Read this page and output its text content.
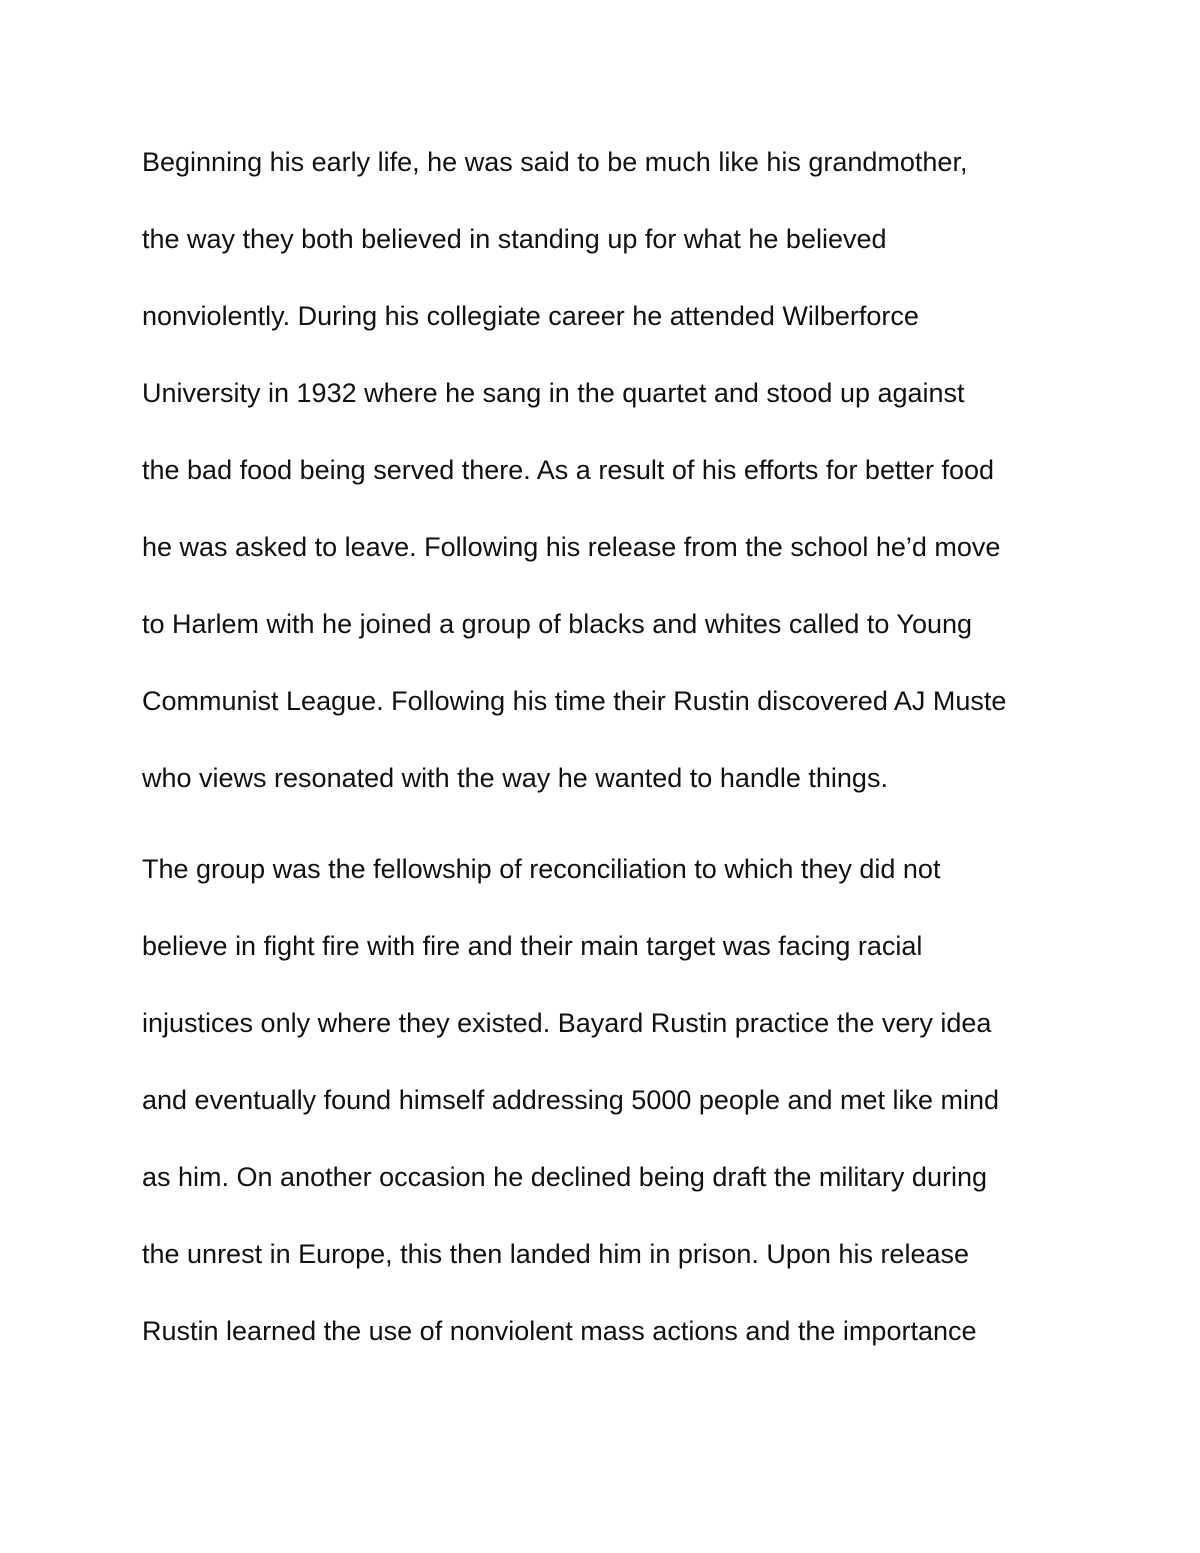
Beginning his early life, he was said to be much like his grandmother,
the way they both believed in standing up for what he believed
nonviolently. During his collegiate career he attended Wilberforce
University in 1932 where he sang in the quartet and stood up against
the bad food being served there. As a result of his efforts for better food
he was asked to leave. Following his release from the school he’d move
to Harlem with he joined a group of blacks and whites called to Young
Communist League. Following his time their Rustin discovered AJ Muste
who views resonated with the way he wanted to handle things.
The group was the fellowship of reconciliation to which they did not
believe in fight fire with fire and their main target was facing racial
injustices only where they existed. Bayard Rustin practice the very idea
and eventually found himself addressing 5000 people and met like mind
as him. On another occasion he declined being draft the military during
the unrest in Europe, this then landed him in prison. Upon his release
Rustin learned the use of nonviolent mass actions and the importance
